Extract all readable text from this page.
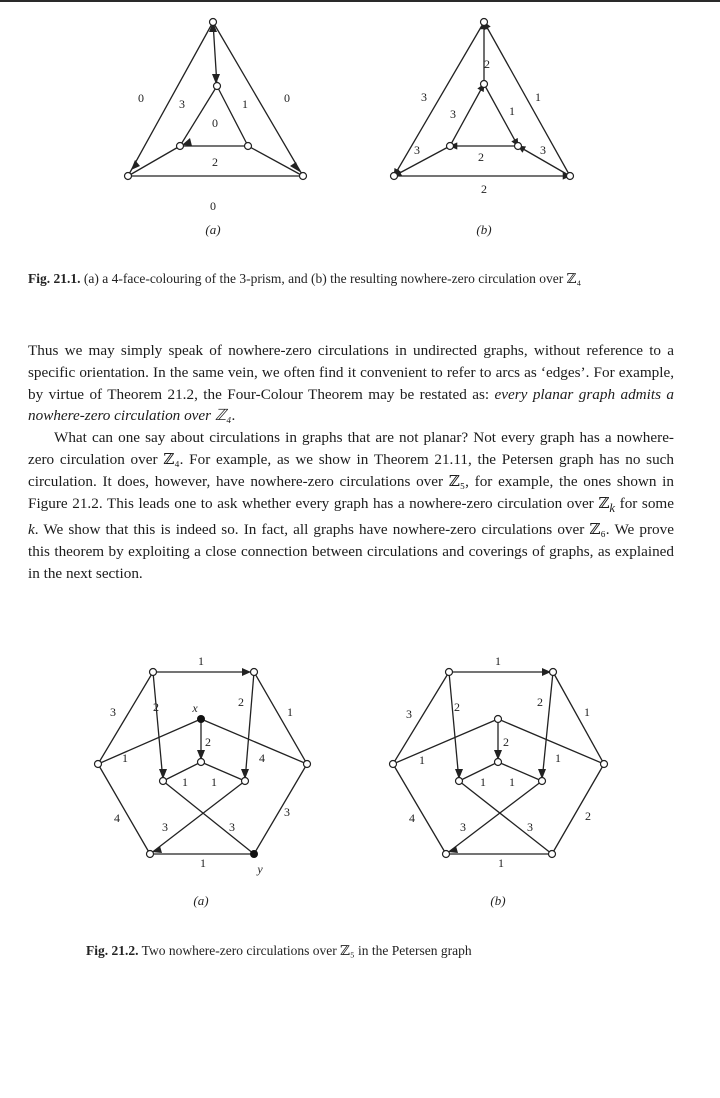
0	0
0
1
3
0
2
2
3	1
3	1
3	2	3
2
(a)	(b)
Fig. 21.1. (a) a 4-face-colouring of the 3-prism, and (b) the resulting nowhere-zero circulation over ℤ₄

Thus we may simply speak of nowhere-zero circulations in undirected graphs, without reference to a specific orientation. In the same vein, we often find it convenient to refer to arcs as ‘edges’. For example, by virtue of Theorem 21.2, the Four-Colour Theorem may be restated as: every planar graph admits a nowhere-zero circulation over ℤ₄.

What can one say about circulations in graphs that are not planar? Not every graph has a nowhere-zero circulation over ℤ₄. For example, as we show in Theorem 21.11, the Petersen graph has no such circulation. It does, however, have nowhere-zero circulations over ℤ₅, for example, the ones shown in Figure 21.2. This leads one to ask whether every graph has a nowhere-zero circulation over ℤ$_k$ for some k. We show that this is indeed so. In fact, all graphs have nowhere-zero circulations over ℤ₆. We prove this theorem by exploiting a close connection between circulations and coverings of graphs, as explained in the next section.

1
3	1
4	3
1
2	2
1	4
2
1 1
3	3
x
y
1
3	1
4	2
1
2	2
1	1
2
1 1
3	3
(a)	(b)
Fig. 21.2. Two nowhere-zero circulations over ℤ₅ in the Petersen graph
